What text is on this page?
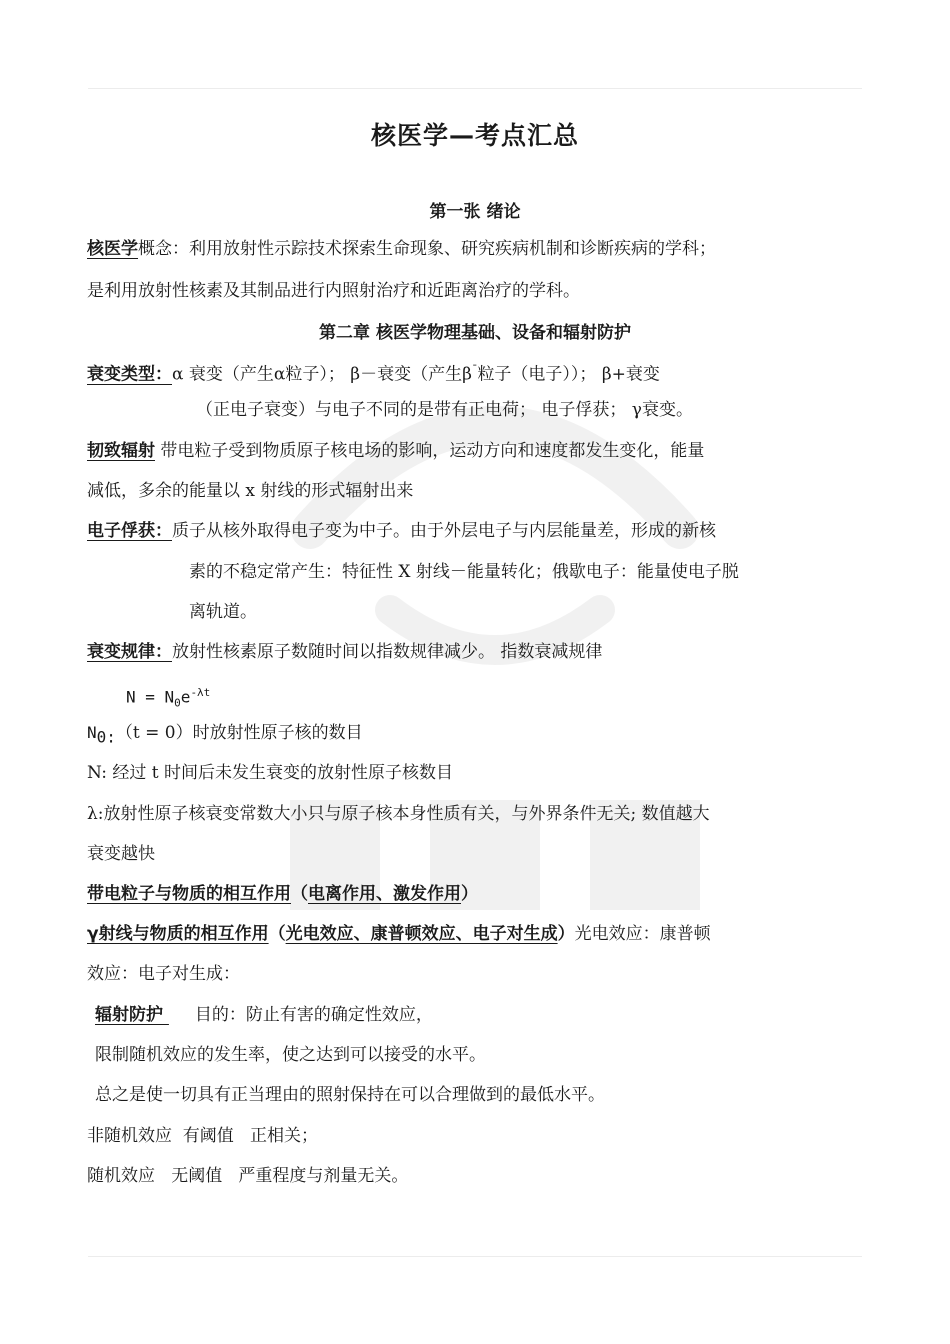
核医学—考点汇总
第一张 绪论
核医学概念：利用放射性示踪技术探索生命现象、研究疾病机制和诊断疾病的学科；
是利用放射性核素及其制品进行内照射治疗和近距离治疗的学科。
第二章 核医学物理基础、设备和辐射防护
衰变类型：α 衰变（产生α粒子）； β－衰变（产生β¯粒子（电子））； β+衰变
（正电子衰变）与电子不同的是带有正电荷； 电子俘获； γ衰变。
韧致辐射 带电粒子受到物质原子核电场的影响，运动方向和速度都发生变化，能量
减低，多余的能量以 x 射线的形式辐射出来
电子俘获：质子从核外取得电子变为中子。由于外层电子与内层能量差，形成的新核
素的不稳定常产生：特征性 X 射线－能量转化；俄歇电子：能量使电子脱
离轨道。
衰变规律：放射性核素原子数随时间以指数规律减少。 指数衰减规律
$N = N_0e^{-\lambda t}$
$N_{0:}(t = 0)$时放射性原子核的数目
N: 经过 t 时间后未发生衰变的放射性原子核数目
λ:放射性原子核衰变常数大小只与原子核本身性质有关，与外界条件无关; 数值越大
衰变越快
带电粒子与物质的相互作用（电离作用、激发作用）
γ射线与物质的相互作用（光电效应、康普顿效应、电子对生成）光电效应：康普顿
效应：电子对生成：
辐射防护 目的：防止有害的确定性效应，
限制随机效应的发生率，使之达到可以接受的水平。
总之是使一切具有正当理由的照射保持在可以合理做到的最低水平。
非随机效应  有阈值   正相关；
随机效应   无阈值   严重程度与剂量无关。
